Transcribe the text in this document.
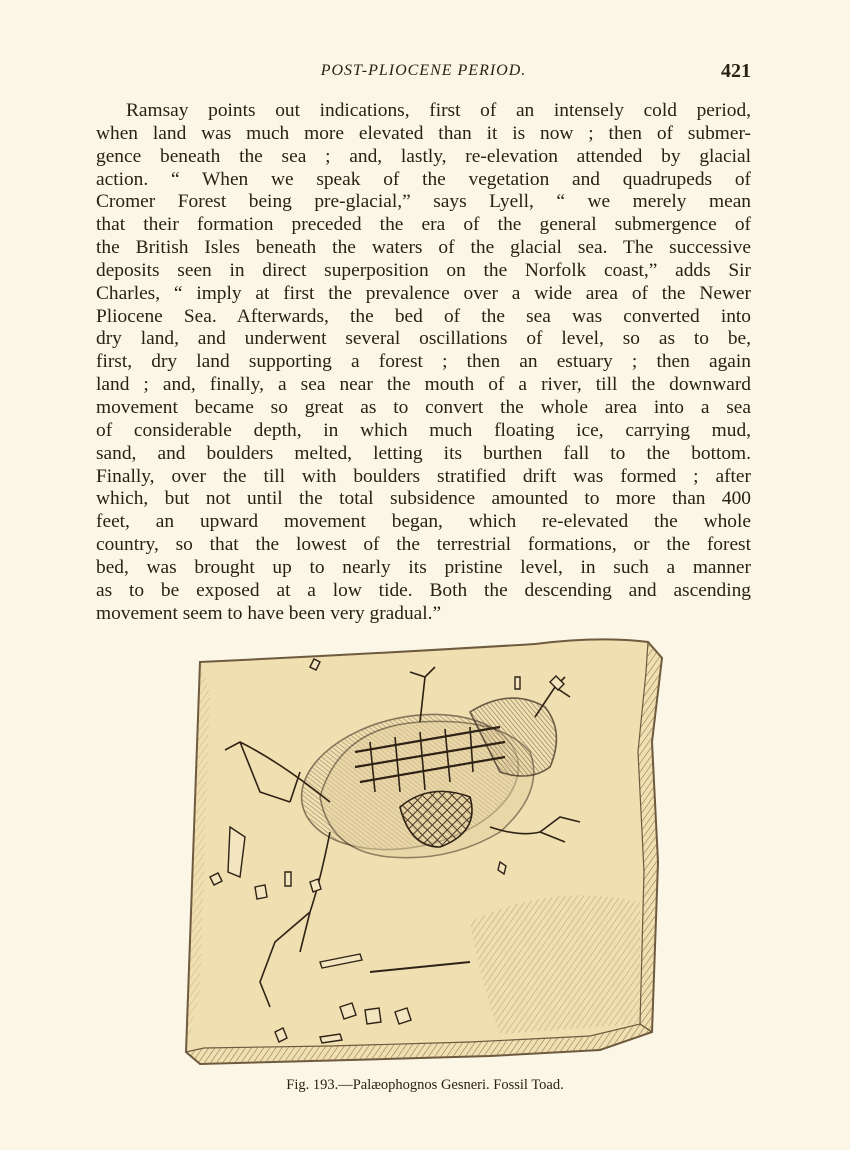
POST-PLIOCENE PERIOD.	421
Ramsay points out indications, first of an intensely cold period,
when land was much more elevated than it is now ; then of submer-
gence beneath the sea ; and, lastly, re-elevation attended by glacial
action. “ When we speak of the vegetation and quadrupeds of
Cromer Forest being pre-glacial,” says Lyell, “ we merely mean
that their formation preceded the era of the general submergence of
the British Isles beneath the waters of the glacial sea. The successive
deposits seen in direct superposition on the Norfolk coast,” adds Sir
Charles, “ imply at first the prevalence over a wide area of the Newer
Pliocene Sea. Afterwards, the bed of the sea was converted into
dry land, and underwent several oscillations of level, so as to be,
first, dry land supporting a forest ; then an estuary ; then again
land ; and, finally, a sea near the mouth of a river, till the downward
movement became so great as to convert the whole area into a sea
of considerable depth, in which much floating ice, carrying mud,
sand, and boulders melted, letting its burthen fall to the bottom.
Finally, over the till with boulders stratified drift was formed ; after
which, but not until the total subsidence amounted to more than 400
feet, an upward movement began, which re-elevated the whole
country, so that the lowest of the terrestrial formations, or the forest
bed, was brought up to nearly its pristine level, in such a manner
as to be exposed at a low tide. Both the descending and ascending
movement seem to have been very gradual.”
Fig. 193.—Palæophognos Gesneri. Fossil Toad.
